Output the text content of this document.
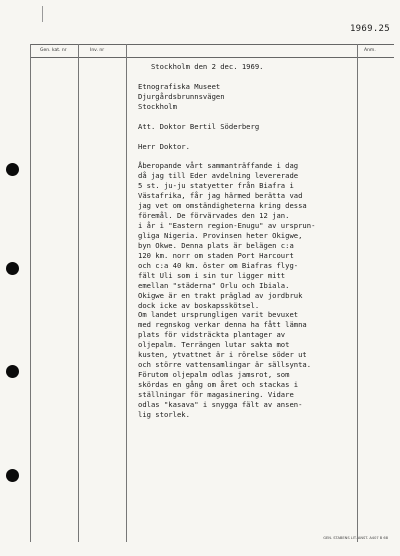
1969.25
Gen. kat. nr	Inv. nr	Anm.
Stockholm den 2 dec. 1969.
Etnografiska Museet
Djurgårdsbrunnsvägen
Stockholm
Att. Doktor Bertil Söderberg
Herr Doktor.
Åberopande vårt sammanträffande i dag
då jag till Eder avdelning levererade
5 st. ju-ju statyetter från Biafra i
Västafrika, får jag härmed berätta vad
jag vet om omständigheterna kring dessa
föremål. De förvärvades den 12 jan.
i år i "Eastern region-Enugu" av ursprun-
gliga Nigeria. Provinsen heter Okigwe,
byn Okwe. Denna plats är belägen c:a
120 km. norr om staden Port Harcourt
och c:a 40 km. öster om Biafras flyg-
fält Uli som i sin tur ligger mitt
emellan "städerna" Orlu och Ibiala.
Okigwe är en trakt präglad av jordbruk
dock icke av boskapsskötsel.
Om landet ursprungligen varit bevuxet
med regnskog verkar denna ha fått lämna
plats för vidsträckta plantager av
oljepalm. Terrängen lutar sakta mot
kusten, ytvattnet är i rörelse söder ut
och större vattensamlingar är sällsynta.
Förutom oljepalm odlas jamsrot, som
skördas en gång om året och stackas i
ställningar för magasinering. Vidare
odlas "kasava" i snygga fält av ansen-
lig storlek.
GEN. STABENS LIT. ANST. A407 B 68
